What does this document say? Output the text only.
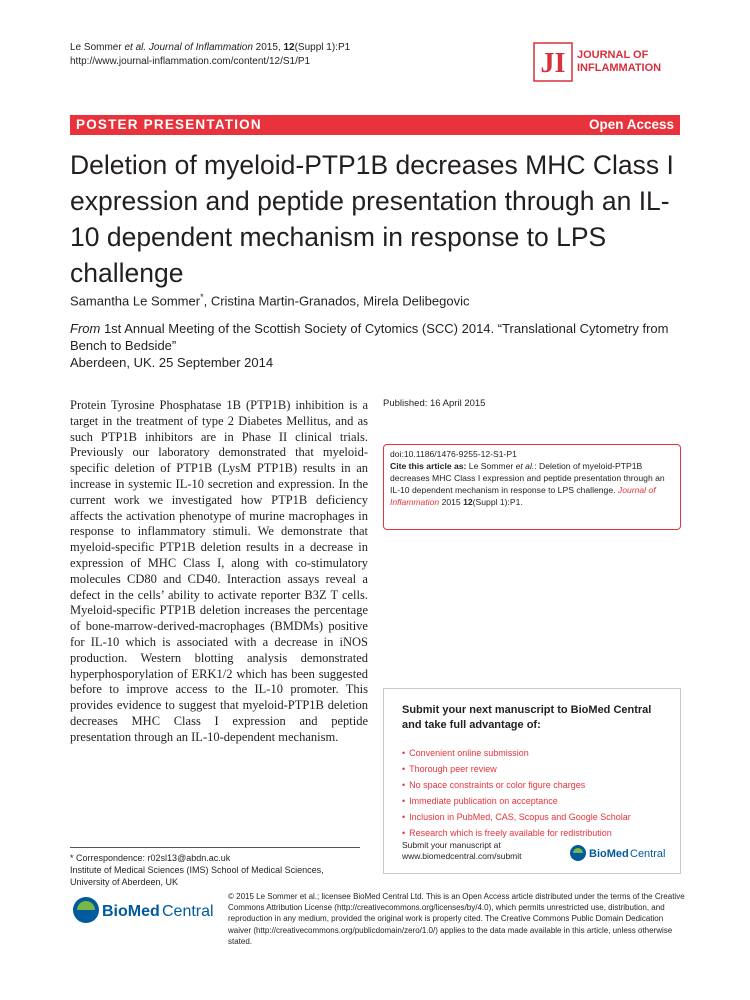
Le Sommer et al. Journal of Inflammation 2015, 12(Suppl 1):P1
http://www.journal-inflammation.com/content/12/S1/P1	JI JOURNAL OF
INFLAMMATION
POSTER PRESENTATION	Open Access
Deletion of myeloid-PTP1B decreases MHC Class I expression and peptide presentation through an IL-10 dependent mechanism in response to LPS challenge
Samantha Le Sommer*, Cristina Martin-Granados, Mirela Delibegovic
From 1st Annual Meeting of the Scottish Society of Cytomics (SCC) 2014. “Translational Cytometry from Bench to Bedside”
Aberdeen, UK. 25 September 2014

Protein Tyrosine Phosphatase 1B (PTP1B) inhibition is a target in the treatment of type 2 Diabetes Mellitus, and as such PTP1B inhibitors are in Phase II clinical trials. Previously our laboratory demonstrated that myeloid-specific deletion of PTP1B (LysM PTP1B) results in an increase in systemic IL-10 secretion and expression. In the current work we investigated how PTP1B deficiency affects the activation phenotype of murine macrophages in response to inflammatory stimuli. We demonstrate that myeloid-specific PTP1B deletion results in a decrease in expression of MHC Class I, along with co-stimulatory molecules CD80 and CD40. Interaction assays reveal a defect in the cells’ ability to activate reporter B3Z T cells. Myeloid-specific PTP1B deletion increases the percentage of bone-marrow-derived-macrophages (BMDMs) positive for IL-10 which is associated with a decrease in iNOS production. Western blotting analysis demonstrated hyperphosporylation of ERK1/2 which has been suggested before to improve access to the IL-10 promoter. This provides evidence to suggest that myeloid-PTP1B deletion decreases MHC Class I expression and peptide presentation through an IL-10-dependent mechanism.

Published: 16 April 2015
doi:10.1186/1476-9255-12-S1-P1
Cite this article as: Le Sommer et al.: Deletion of myeloid-PTP1B decreases MHC Class I expression and peptide presentation through an IL-10 dependent mechanism in response to LPS challenge. Journal of Inflammation 2015 12(Suppl 1):P1.
Submit your next manuscript to BioMed Central and take full advantage of:
• Convenient online submission
• Thorough peer review
• No space constraints or color figure charges
• Immediate publication on acceptance
• Inclusion in PubMed, CAS, Scopus and Google Scholar
• Research which is freely available for redistribution
Submit your manuscript at
www.biomedcentral.com/submit	BioMed Central
* Correspondence: r02sl13@abdn.ac.uk
Institute of Medical Sciences (IMS) School of Medical Sciences, University of Aberdeen, UK
BioMed Central

© 2015 Le Sommer et al.; licensee BioMed Central Ltd. This is an Open Access article distributed under the terms of the Creative Commons Attribution License (http://creativecommons.org/licenses/by/4.0), which permits unrestricted use, distribution, and reproduction in any medium, provided the original work is properly cited. The Creative Commons Public Domain Dedication waiver (http://creativecommons.org/publicdomain/zero/1.0/) applies to the data made available in this article, unless otherwise stated.
